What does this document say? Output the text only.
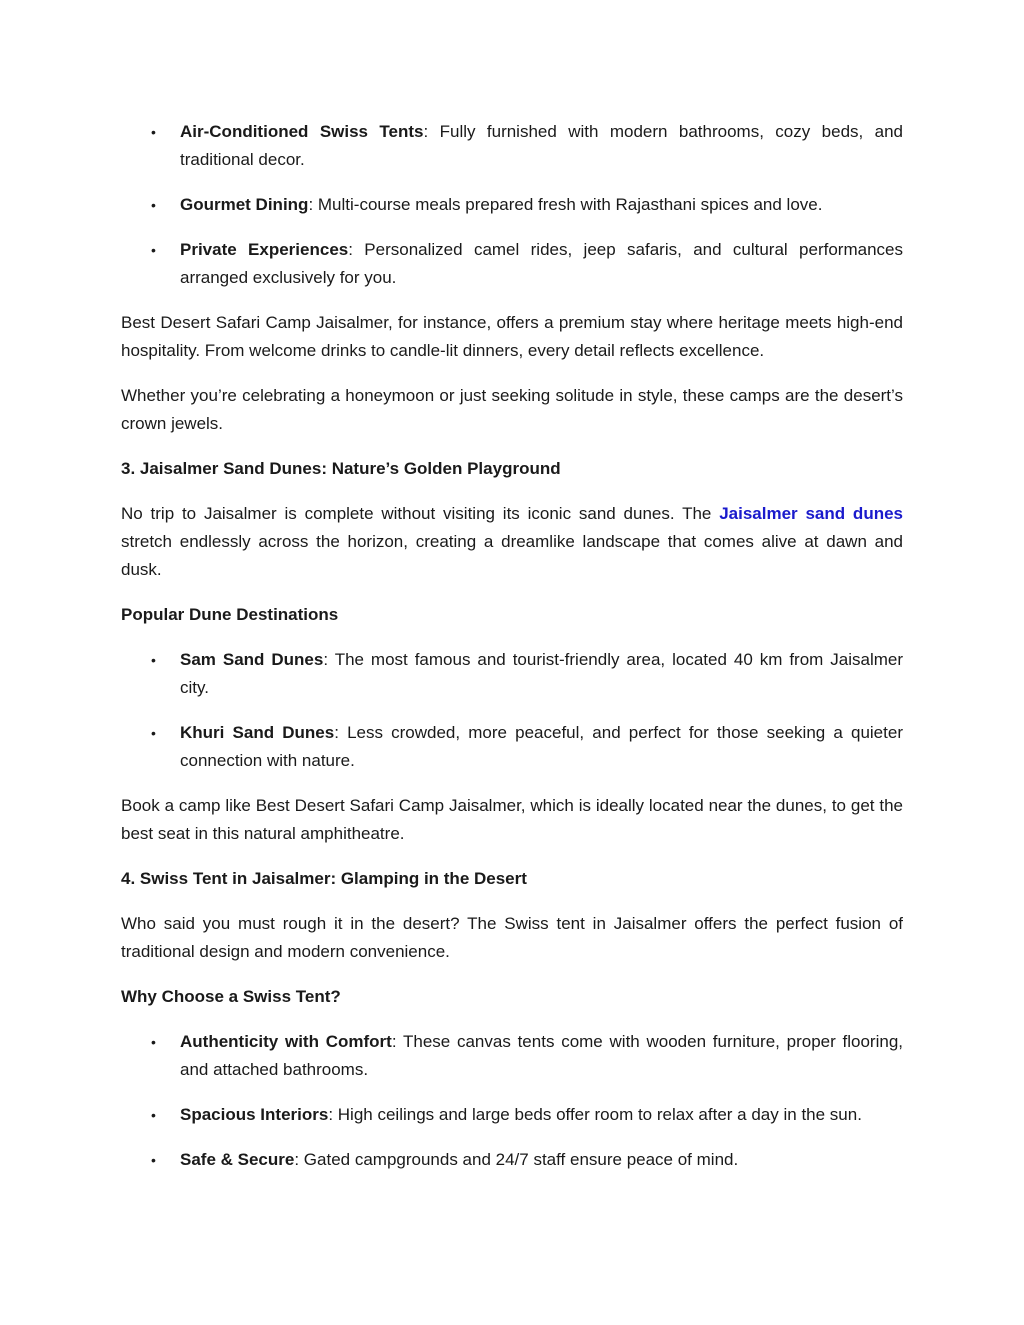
• Air-Conditioned Swiss Tents: Fully furnished with modern bathrooms, cozy beds, and traditional decor.
• Gourmet Dining: Multi-course meals prepared fresh with Rajasthani spices and love.
• Private Experiences: Personalized camel rides, jeep safaris, and cultural performances arranged exclusively for you.

Best Desert Safari Camp Jaisalmer, for instance, offers a premium stay where heritage meets high-end hospitality. From welcome drinks to candle-lit dinners, every detail reflects excellence.

Whether you’re celebrating a honeymoon or just seeking solitude in style, these camps are the desert’s crown jewels.

3. Jaisalmer Sand Dunes: Nature’s Golden Playground

No trip to Jaisalmer is complete without visiting its iconic sand dunes. The Jaisalmer sand dunes stretch endlessly across the horizon, creating a dreamlike landscape that comes alive at dawn and dusk.

Popular Dune Destinations

• Sam Sand Dunes: The most famous and tourist-friendly area, located 40 km from Jaisalmer city.
• Khuri Sand Dunes: Less crowded, more peaceful, and perfect for those seeking a quieter connection with nature.

Book a camp like Best Desert Safari Camp Jaisalmer, which is ideally located near the dunes, to get the best seat in this natural amphitheatre.

4. Swiss Tent in Jaisalmer: Glamping in the Desert

Who said you must rough it in the desert? The Swiss tent in Jaisalmer offers the perfect fusion of traditional design and modern convenience.

Why Choose a Swiss Tent?

• Authenticity with Comfort: These canvas tents come with wooden furniture, proper flooring, and attached bathrooms.
• Spacious Interiors: High ceilings and large beds offer room to relax after a day in the sun.
• Safe & Secure: Gated campgrounds and 24/7 staff ensure peace of mind.
